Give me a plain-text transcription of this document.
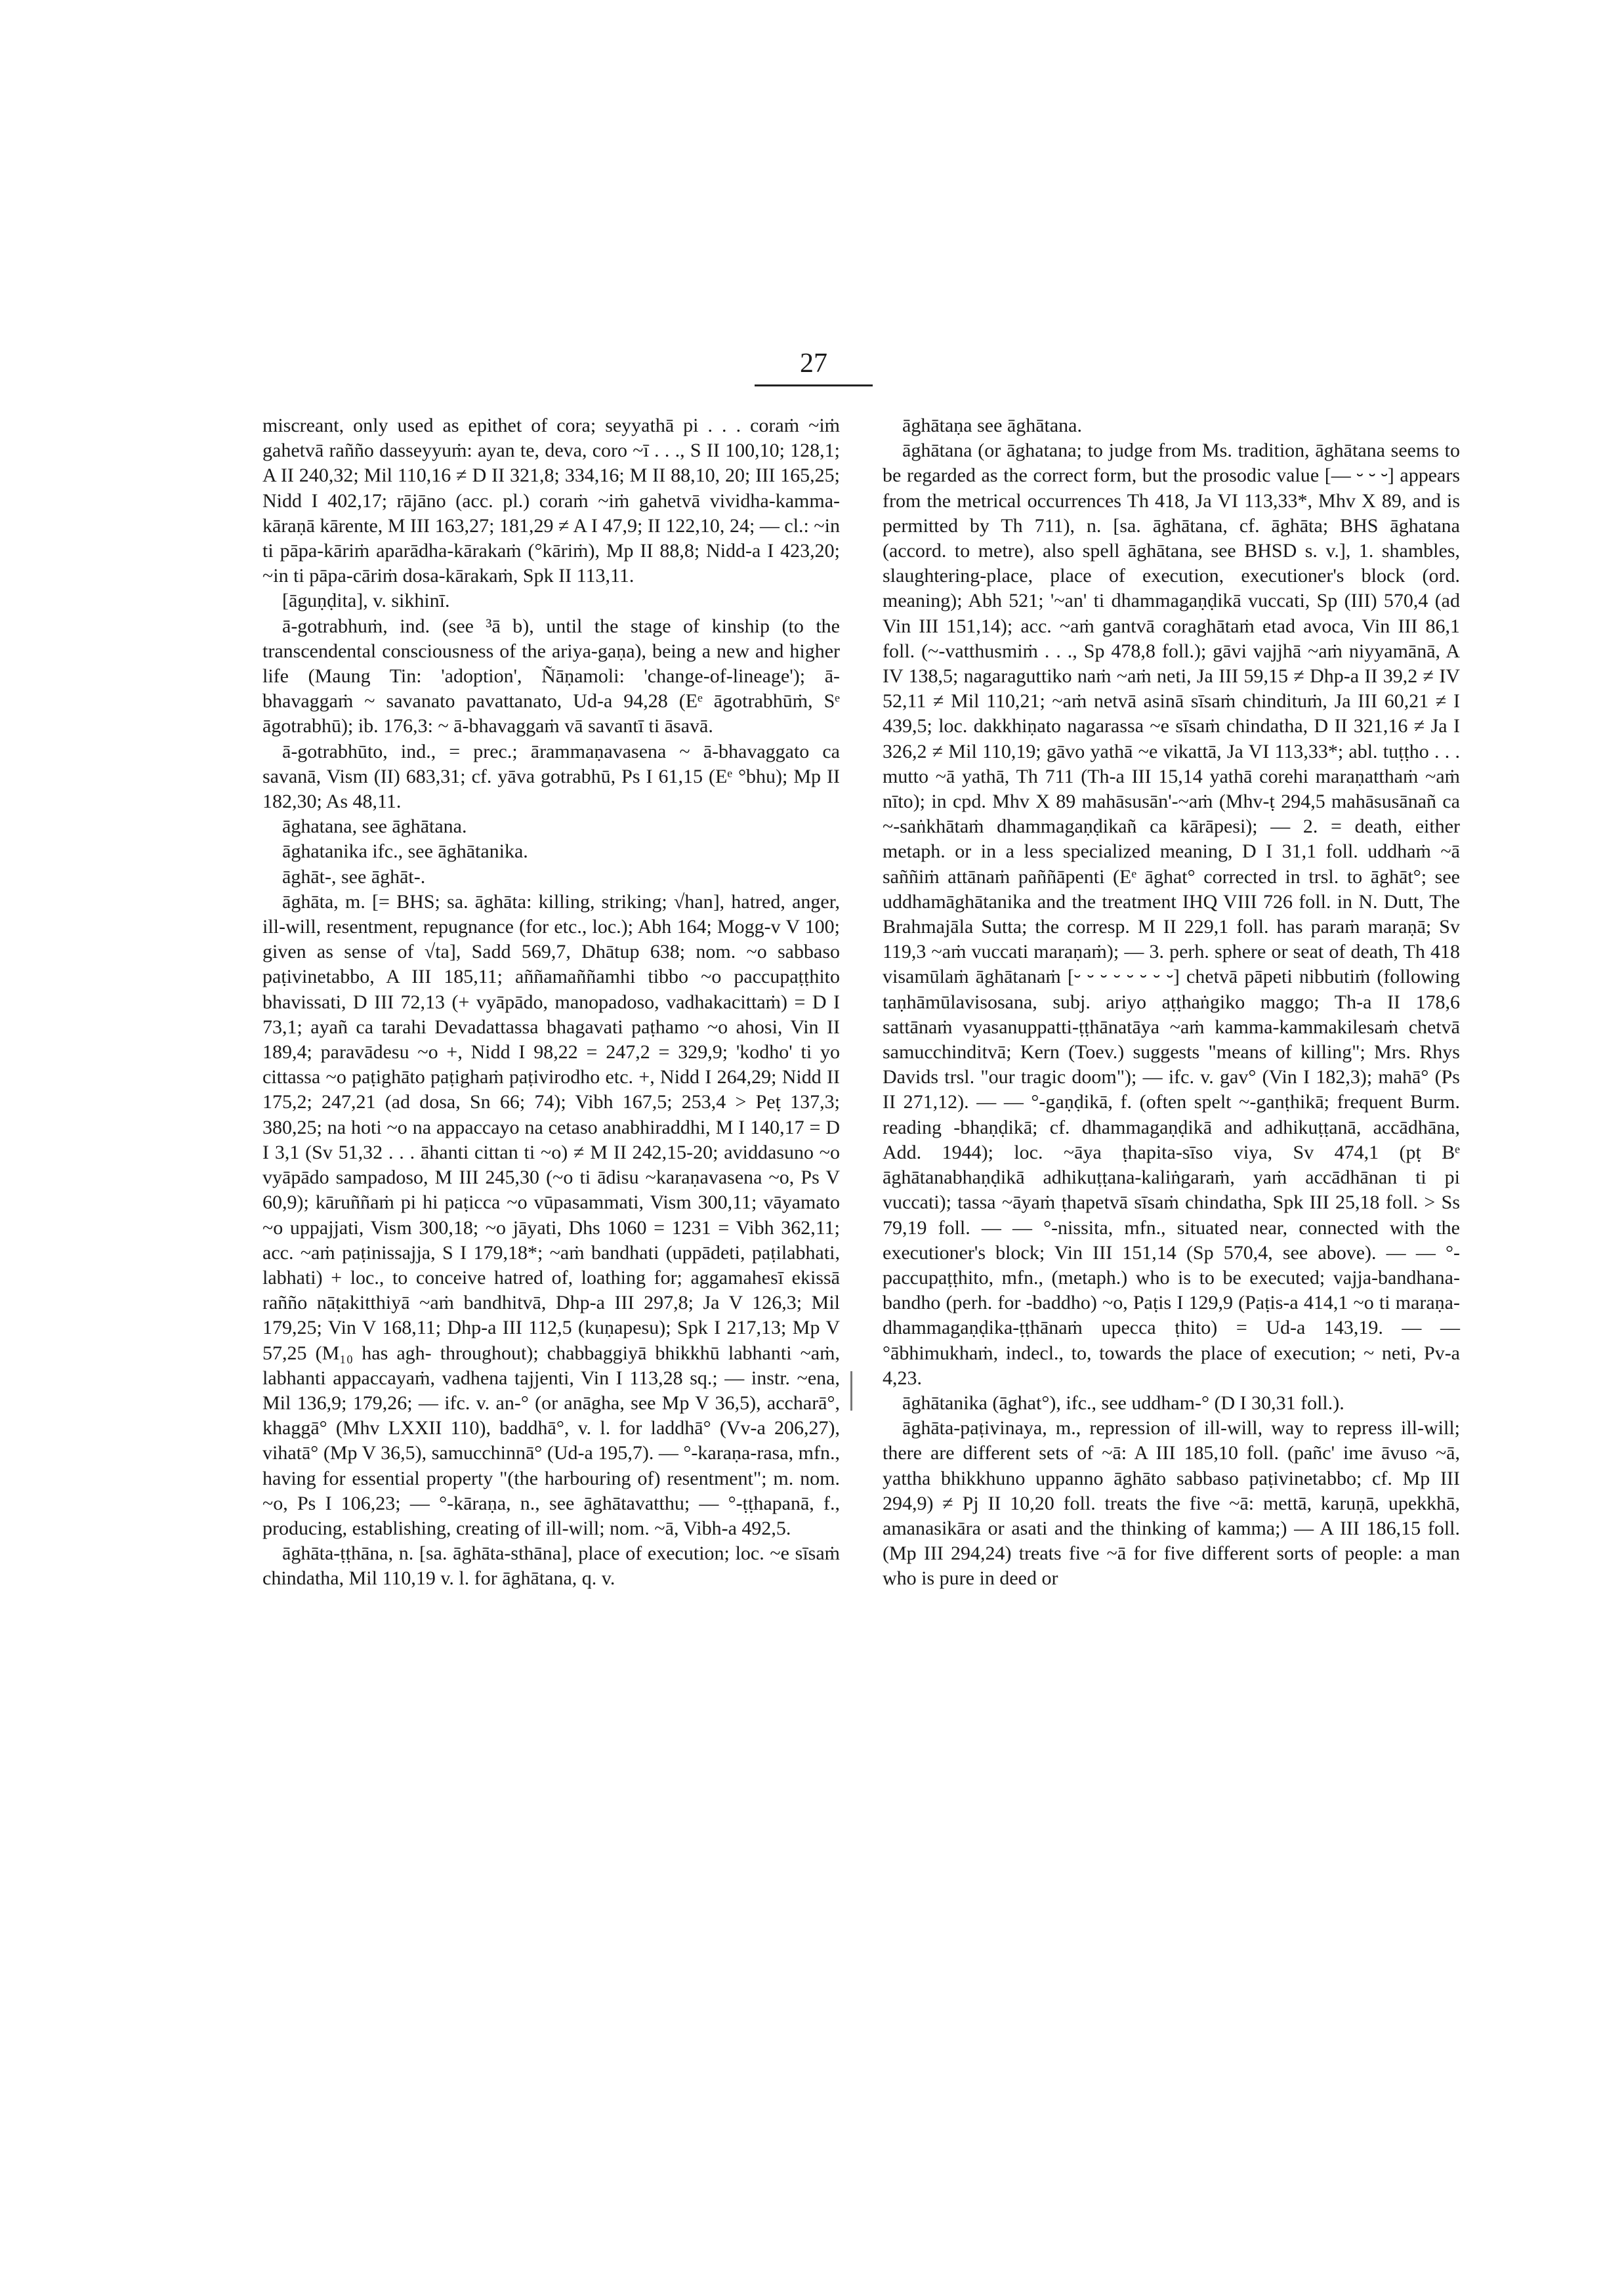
27

miscreant, only used as epithet of cora; seyyathā pi . . . coraṁ ~iṁ gahetvā rañño dasseyyuṁ: ayan te, deva, coro ~ī . . ., S II 100,10; 128,1; A II 240,32; Mil 110,16 ≠ D II 321,8; 334,16; M II 88,10, 20; III 165,25; Nidd I 402,17; rājāno (acc. pl.) coraṁ ~iṁ gahetvā vividha-kamma-kāraṇā kārente, M III 163,27; 181,29 ≠ A I 47,9; II 122,10, 24; — cl.: ~in ti pāpa-kāriṁ aparādha-kārakaṁ (°kāriṁ), Mp II 88,8; Nidd-a I 423,20; ~in ti pāpa-cāriṁ dosa-kārakaṁ, Spk II 113,11.

[āguṇḍita], v. sikhinī.

ā-gotrabhuṁ, ind. (see ³ā b), until the stage of kinship (to the transcendental consciousness of the ariya-gaṇa), being a new and higher life (Maung Tin: 'adoption', Ñāṇamoli: 'change-of-lineage'); ā-bhavaggaṁ ~ savanato pavattanato, Ud-a 94,28 (Eᵉ āgotrabhūṁ, Sᵉ āgotrabhū); ib. 176,3: ~ ā-bhavaggaṁ vā savantī ti āsavā.

ā-gotrabhūto, ind., = prec.; ārammaṇavasena ~ ā-bhavaggato ca savanā, Vism (II) 683,31; cf. yāva gotrabhū, Ps I 61,15 (Eᵉ °bhu); Mp II 182,30; As 48,11.

āghatana, see āghātana.

āghatanika ifc., see āghātanika.

āghāt-, see āghāt-.

āghāta, m. [= BHS; sa. āghāta: killing, striking; √han], hatred, anger, ill-will, resentment, repugnance (for etc., loc.); Abh 164; Mogg-v V 100; given as sense of √ta], Sadd 569,7, Dhātup 638; nom. ~o sabbaso paṭivinetabbo, A III 185,11; aññamaññamhi tibbo ~o paccupaṭṭhito bhavissati, D III 72,13 (+ vyāpādo, manopadoso, vadhakacittaṁ) = D I 73,1; ayañ ca tarahi Devadattassa bhagavati paṭhamo ~o ahosi, Vin II 189,4; paravādesu ~o +, Nidd I 98,22 = 247,2 = 329,9; 'kodho' ti yo cittassa ~o paṭighāto paṭighaṁ paṭivirodho etc. +, Nidd I 264,29; Nidd II 175,2; 247,21 (ad dosa, Sn 66; 74); Vibh 167,5; 253,4 > Peṭ 137,3; 380,25; na hoti ~o na appaccayo na cetaso anabhiraddhi, M I 140,17 = D I 3,1 (Sv 51,32 . . . āhanti cittan ti ~o) ≠ M II 242,15-20; aviddasuno ~o vyāpādo sampadoso, M III 245,30 (~o ti ādisu ~karaṇavasena ~o, Ps V 60,9); kāruññaṁ pi hi paṭicca ~o vūpasammati, Vism 300,11; vāyamato ~o uppajjati, Vism 300,18; ~o jāyati, Dhs 1060 = 1231 = Vibh 362,11; acc. ~aṁ paṭinissajja, S I 179,18*; ~aṁ bandhati (uppādeti, paṭilabhati, labhati) + loc., to conceive hatred of, loathing for; aggamahesī ekissā rañño nāṭakitthiyā ~aṁ bandhitvā, Dhp-a III 297,8; Ja V 126,3; Mil 179,25; Vin V 168,11; Dhp-a III 112,5 (kuṇapesu); Spk I 217,13; Mp V 57,25 (M₁₀ has agh- throughout); chabbaggiyā bhikkhū labhanti ~aṁ, labhanti appaccayaṁ, vadhena tajjenti, Vin I 113,28 sq.; — instr. ~ena, Mil 136,9; 179,26; — ifc. v. an-° (or anāgha, see Mp V 36,5), accharā°, khaggā° (Mhv LXXII 110), baddhā°, v. l. for laddhā° (Vv-a 206,27), vihatā° (Mp V 36,5), samucchinnā° (Ud-a 195,7). — °-karaṇa-rasa, mfn., having for essential property "(the harbouring of) resentment"; m. nom. ~o, Ps I 106,23; — °-kāraṇa, n., see āghātavatthu; — °-ṭṭhapanā, f., producing, establishing, creating of ill-will; nom. ~ā, Vibh-a 492,5.

āghāta-ṭṭhāna, n. [sa. āghāta-sthāna], place of execution; loc. ~e sīsaṁ chindatha, Mil 110,19 v. l. for āghātana, q. v.

āghātaṇa see āghātana.

āghātana (or āghatana; to judge from Ms. tradition, āghātana seems to be regarded as the correct form, but the prosodic value [— ⏑ ⏑ ⏑] appears from the metrical occurrences Th 418, Ja VI 113,33*, Mhv X 89, and is permitted by Th 711), n. [sa. āghātana, cf. āghāta; BHS āghatana (accord. to metre), also spell āghātana, see BHSD s. v.], 1. shambles, slaughtering-place, place of execution, executioner's block (ord. meaning); Abh 521; '~an' ti dhammagaṇḍikā vuccati, Sp (III) 570,4 (ad Vin III 151,14); acc. ~aṁ gantvā coraghātaṁ etad avoca, Vin III 86,1 foll. (~-vatthusmiṁ . . ., Sp 478,8 foll.); gāvi vajjhā ~aṁ niyyamānā, A IV 138,5; nagaraguttiko naṁ ~aṁ neti, Ja III 59,15 ≠ Dhp-a II 39,2 ≠ IV 52,11 ≠ Mil 110,21; ~aṁ netvā asinā sīsaṁ chindituṁ, Ja III 60,21 ≠ I 439,5; loc. dakkhiṇato nagarassa ~e sīsaṁ chindatha, D II 321,16 ≠ Ja I 326,2 ≠ Mil 110,19; gāvo yathā ~e vikattā, Ja VI 113,33*; abl. tuṭṭho . . . mutto ~ā yathā, Th 711 (Th-a III 15,14 yathā corehi maraṇatthaṁ ~aṁ nīto); in cpd. Mhv X 89 mahāsusān'-~aṁ (Mhv-ṭ 294,5 mahāsusānañ ca ~-saṅkhātaṁ dhammagaṇḍikañ ca kārāpesi); — 2. = death, either metaph. or in a less specialized meaning, D I 31,1 foll. uddhaṁ ~ā saññiṁ attānaṁ paññāpenti (Eᵉ āghat° corrected in trsl. to āghāt°; see uddhamāghātanika and the treatment IHQ VIII 726 foll. in N. Dutt, The Brahmajāla Sutta; the corresp. M II 229,1 foll. has paraṁ maraṇā; Sv 119,3 ~aṁ vuccati maraṇaṁ); — 3. perh. sphere or seat of death, Th 418 visamūlaṁ āghātanaṁ [⏑ ⏑ ⏑ ⏑ ⏑ ⏑ ⏑ ⏑] chetvā pāpeti nibbutiṁ (following taṇhāmūlavisosana, subj. ariyo aṭṭhaṅgiko maggo; Th-a II 178,6 sattānaṁ vyasanuppatti-ṭṭhānatāya ~aṁ kamma-kammakilesaṁ chetvā samucchinditvā; Kern (Toev.) suggests "means of killing"; Mrs. Rhys Davids trsl. "our tragic doom"); — ifc. v. gav° (Vin I 182,3); mahā° (Ps II 271,12). — — °-gaṇḍikā, f. (often spelt ~-ganṭhikā; frequent Burm. reading -bhaṇḍikā; cf. dhammagaṇḍikā and adhikuṭṭanā, accādhāna, Add. 1944); loc. ~āya ṭhapita-sīso viya, Sv 474,1 (pṭ Bᵉ āghātanabhaṇḍikā adhikuṭṭana-kaliṅgaraṁ, yaṁ accādhānan ti pi vuccati); tassa ~āyaṁ ṭhapetvā sīsaṁ chindatha, Spk III 25,18 foll. > Ss 79,19 foll. — — °-nissita, mfn., situated near, connected with the executioner's block; Vin III 151,14 (Sp 570,4, see above). — — °-paccupaṭṭhito, mfn., (metaph.) who is to be executed; vajja-bandhana-bandho (perh. for -baddho) ~o, Paṭis I 129,9 (Paṭis-a 414,1 ~o ti maraṇa-dhammagaṇḍika-ṭṭhānaṁ upecca ṭhito) = Ud-a 143,19. — — °ābhimukhaṁ, indecl., to, towards the place of execution; ~ neti, Pv-a 4,23.

āghātanika (āghat°), ifc., see uddham-° (D I 30,31 foll.).

āghāta-paṭivinaya, m., repression of ill-will, way to repress ill-will; there are different sets of ~ā: A III 185,10 foll. (pañc' ime āvuso ~ā, yattha bhikkhuno uppanno āghāto sabbaso paṭivinetabbo; cf. Mp III 294,9) ≠ Pj II 10,20 foll. treats the five ~ā: mettā, karuṇā, upekkhā, amanasikāra or asati and the thinking of kamma;) — A III 186,15 foll. (Mp III 294,24) treats five ~ā for five different sorts of people: a man who is pure in deed or
